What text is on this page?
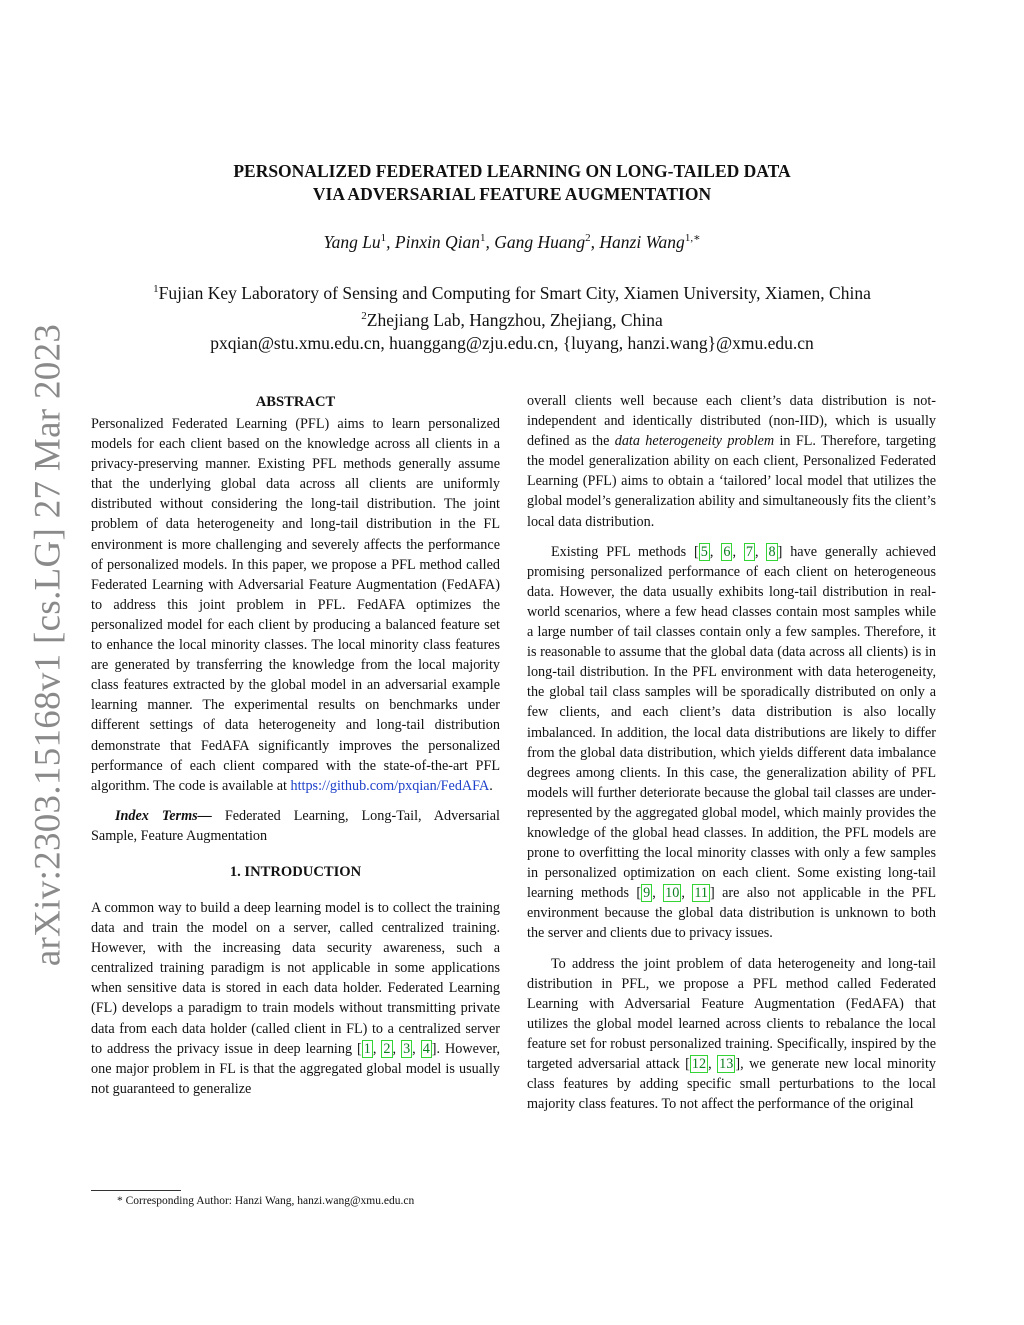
arXiv:2303.15168v1 [cs.LG] 27 Mar 2023
PERSONALIZED FEDERATED LEARNING ON LONG-TAILED DATA
VIA ADVERSARIAL FEATURE AUGMENTATION
Yang Lu$^1$, Pinxin Qian$^1$, Gang Huang$^2$, Hanzi Wang$^{1,∗}$
$^1$Fujian Key Laboratory of Sensing and Computing for Smart City, Xiamen University, Xiamen, China
$^2$Zhejiang Lab, Hangzhou, Zhejiang, China
pxqian@stu.xmu.edu.cn, huanggang@zju.edu.cn, {luyang, hanzi.wang}@xmu.edu.cn
ABSTRACT

Personalized Federated Learning (PFL) aims to learn personalized models for each client based on the knowledge across all clients in a privacy-preserving manner. Existing PFL methods generally assume that the underlying global data across all clients are uniformly distributed without considering the long-tail distribution. The joint problem of data heterogeneity and long-tail distribution in the FL environment is more challenging and severely affects the performance of personalized models. In this paper, we propose a PFL method called Federated Learning with Adversarial Feature Augmentation (FedAFA) to address this joint problem in PFL. FedAFA optimizes the personalized model for each client by producing a balanced feature set to enhance the local minority classes. The local minority class features are generated by transferring the knowledge from the local majority class features extracted by the global model in an adversarial example learning manner. The experimental results on benchmarks under different settings of data heterogeneity and long-tail distribution demonstrate that FedAFA significantly improves the personalized performance of each client compared with the state-of-the-art PFL algorithm. The code is available at https://github.com/pxqian/FedAFA.

Index Terms— Federated Learning, Long-Tail, Adversarial Sample, Feature Augmentation

1. INTRODUCTION

A common way to build a deep learning model is to collect the training data and train the model on a server, called centralized training. However, with the increasing data security awareness, such a centralized training paradigm is not applicable in some applications when sensitive data is stored in each data holder. Federated Learning (FL) develops a paradigm to train models without transmitting private data from each data holder (called client in FL) to a centralized server to address the privacy issue in deep learning [ 1 , 2 , 3 , 4 ]. However, one major problem in FL is that the aggregated global model is usually not guaranteed to generalize

overall clients well because each client’s data distribution is not-independent and identically distributed (non-IID), which is usually defined as the data heterogeneity problem in FL. Therefore, targeting the model generalization ability on each client, Personalized Federated Learning (PFL) aims to obtain a ‘tailored’ local model that utilizes the global model’s generalization ability and simultaneously fits the client’s local data distribution.

Existing PFL methods [ 5 , 6 , 7 , 8 ] have generally achieved promising personalized performance of each client on heterogeneous data. However, the data usually exhibits long-tail distribution in real-world scenarios, where a few head classes contain most samples while a large number of tail classes contain only a few samples. Therefore, it is reasonable to assume that the global data (data across all clients) is in long-tail distribution. In the PFL environment with data heterogeneity, the global tail class samples will be sporadically distributed on only a few clients, and each client’s data distribution is also locally imbalanced. In addition, the local data distributions are likely to differ from the global data distribution, which yields different data imbalance degrees among clients. In this case, the generalization ability of PFL models will further deteriorate because the global tail classes are under-represented by the aggregated global model, which mainly provides the knowledge of the global head classes. In addition, the PFL models are prone to overfitting the local minority classes with only a few samples in personalized optimization on each client. Some existing long-tail learning methods [ 9 , 10 , 11 ] are also not applicable in the PFL environment because the global data distribution is unknown to both the server and clients due to privacy issues.

To address the joint problem of data heterogeneity and long-tail distribution in PFL, we propose a PFL method called Federated Learning with Adversarial Feature Augmentation (FedAFA) that utilizes the global model learned across clients to rebalance the local feature set for robust personalized training. Specifically, inspired by the targeted adversarial attack [ 12 , 13 ], we generate new local minority class features by adding specific small perturbations to the local majority class features. To not affect the performance of the original

* Corresponding Author: Hanzi Wang, hanzi.wang@xmu.edu.cn
